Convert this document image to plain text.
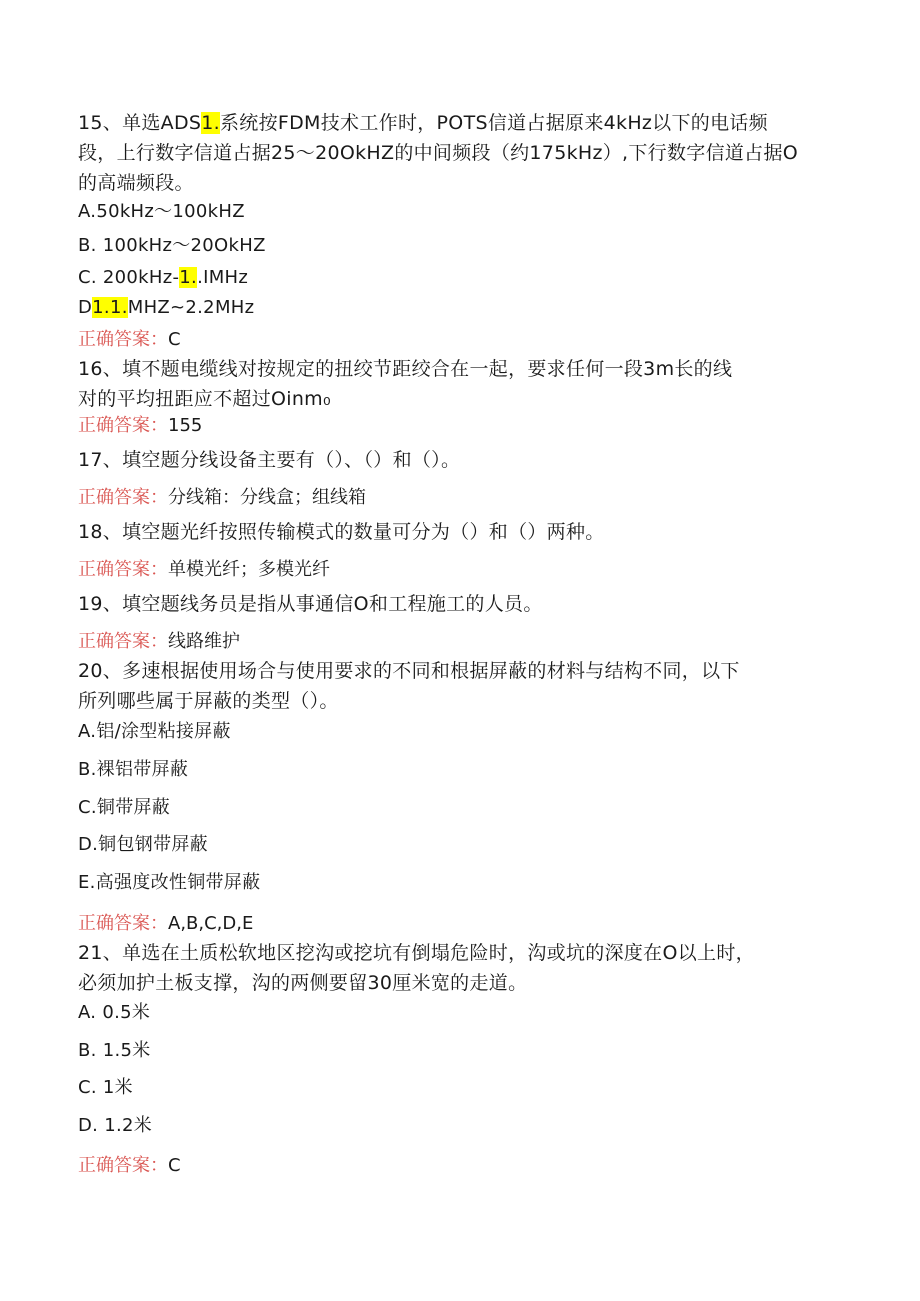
15、单选ADS1.系统按FDM技术工作时，POTS信道占据原来4kHz以下的电话频

段，上行数字信道占据25～20OkHZ的中间频段（约175kHz）,下行数字信道占据O

的高端频段。

A.50kHz～100kHZ

B. 100kHz～20OkHZ

C. 200kHz-1..IMHz

D1.1.MHZ~2.2MHz

正确答案：C

16、填不题电缆线对按规定的扭绞节距绞合在一起，要求任何一段3m长的线

对的平均扭距应不超过Oinm₀

正确答案：155

17、填空题分线设备主要有（）、（）和（）。

正确答案：分线箱：分线盒；组线箱

18、填空题光纤按照传输模式的数量可分为（）和（）两种。

正确答案：单模光纤；多模光纤

19、填空题线务员是指从事通信O和工程施工的人员。

正确答案：线路维护

20、多速根据使用场合与使用要求的不同和根据屏蔽的材料与结构不同，以下

所列哪些属于屏蔽的类型（）。

A.铝/涂型粘接屏蔽

B.裸铝带屏蔽

C.铜带屏蔽

D.铜包钢带屏蔽

E.高强度改性铜带屏蔽

正确答案：A,B,C,D,E

21、单选在土质松软地区挖沟或挖坑有倒塌危险时，沟或坑的深度在O以上时，

必须加护土板支撑，沟的两侧要留30厘米宽的走道。

A. 0.5米

B. 1.5米

C. 1米

D. 1.2米

正确答案：C
